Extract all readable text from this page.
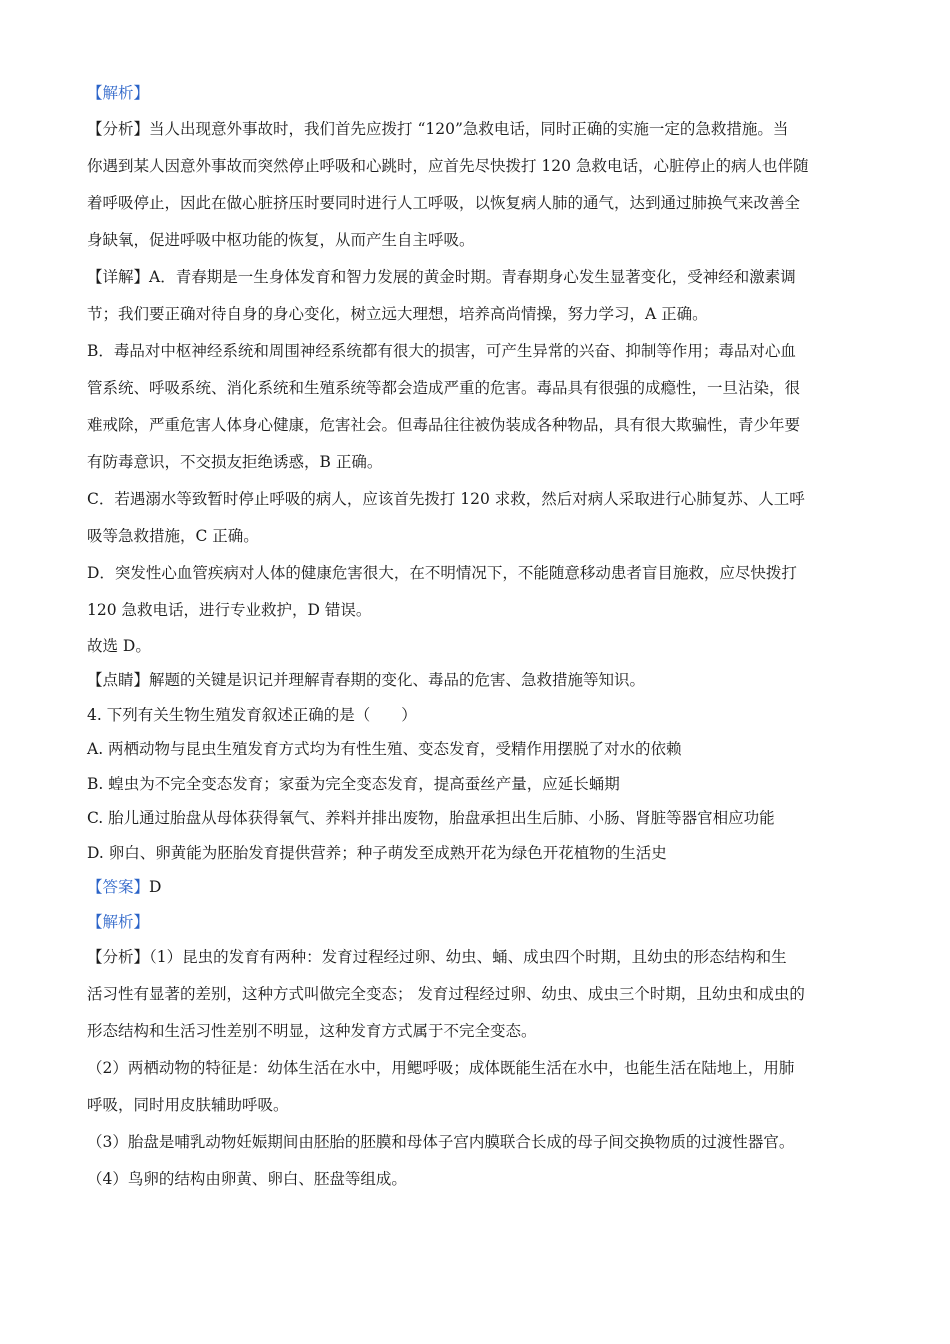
【解析】

【分析】当人出现意外事故时，我们首先应拨打 “120”急救电话，同时正确的实施一定的急救措施。当

你遇到某人因意外事故而突然停止呼吸和心跳时，应首先尽快拨打 120 急救电话，心脏停止的病人也伴随

着呼吸停止，因此在做心脏挤压时要同时进行人工呼吸，以恢复病人肺的通气，达到通过肺换气来改善全

身缺氧，促进呼吸中枢功能的恢复，从而产生自主呼吸。

【详解】A．青春期是一生身体发育和智力发展的黄金时期。青春期身心发生显著变化，受神经和激素调

节；我们要正确对待自身的身心变化，树立远大理想，培养高尚情操，努力学习，A 正确。

B．毒品对中枢神经系统和周围神经系统都有很大的损害，可产生异常的兴奋、抑制等作用；毒品对心血

管系统、呼吸系统、消化系统和生殖系统等都会造成严重的危害。毒品具有很强的成瘾性，一旦沾染，很

难戒除，严重危害人体身心健康，危害社会。但毒品往往被伪装成各种物品，具有很大欺骗性，青少年要

有防毒意识，不交损友拒绝诱惑，B 正确。

C．若遇溺水等致暂时停止呼吸的病人，应该首先拨打 120 求救，然后对病人采取进行心肺复苏、人工呼

吸等急救措施，C 正确。

D．突发性心血管疾病对人体的健康危害很大，在不明情况下，不能随意移动患者盲目施救，应尽快拨打

120 急救电话，进行专业救护，D 错误。

故选 D。

【点睛】解题的关键是识记并理解青春期的变化、毒品的危害、急救措施等知识。

4. 下列有关生物生殖发育叙述正确的是（　　）

A. 两栖动物与昆虫生殖发育方式均为有性生殖、变态发育，受精作用摆脱了对水的依赖

B. 蝗虫为不完全变态发育；家蚕为完全变态发育，提高蚕丝产量，应延长蛹期

C. 胎儿通过胎盘从母体获得氧气、养料并排出废物，胎盘承担出生后肺、小肠、肾脏等器官相应功能

D. 卵白、卵黄能为胚胎发育提供营养；种子萌发至成熟开花为绿色开花植物的生活史

【答案】D

【解析】

【分析】（1）昆虫的发育有两种：发育过程经过卵、幼虫、蛹、成虫四个时期，且幼虫的形态结构和生

活习性有显著的差别，这种方式叫做完全变态； 发育过程经过卵、幼虫、成虫三个时期，且幼虫和成虫的

形态结构和生活习性差别不明显，这种发育方式属于不完全变态。

（2）两栖动物的特征是：幼体生活在水中，用鳃呼吸；成体既能生活在水中，也能生活在陆地上，用肺

呼吸，同时用皮肤辅助呼吸。

（3）胎盘是哺乳动物妊娠期间由胚胎的胚膜和母体子宫内膜联合长成的母子间交换物质的过渡性器官。

（4）鸟卵的结构由卵黄、卵白、胚盘等组成。
